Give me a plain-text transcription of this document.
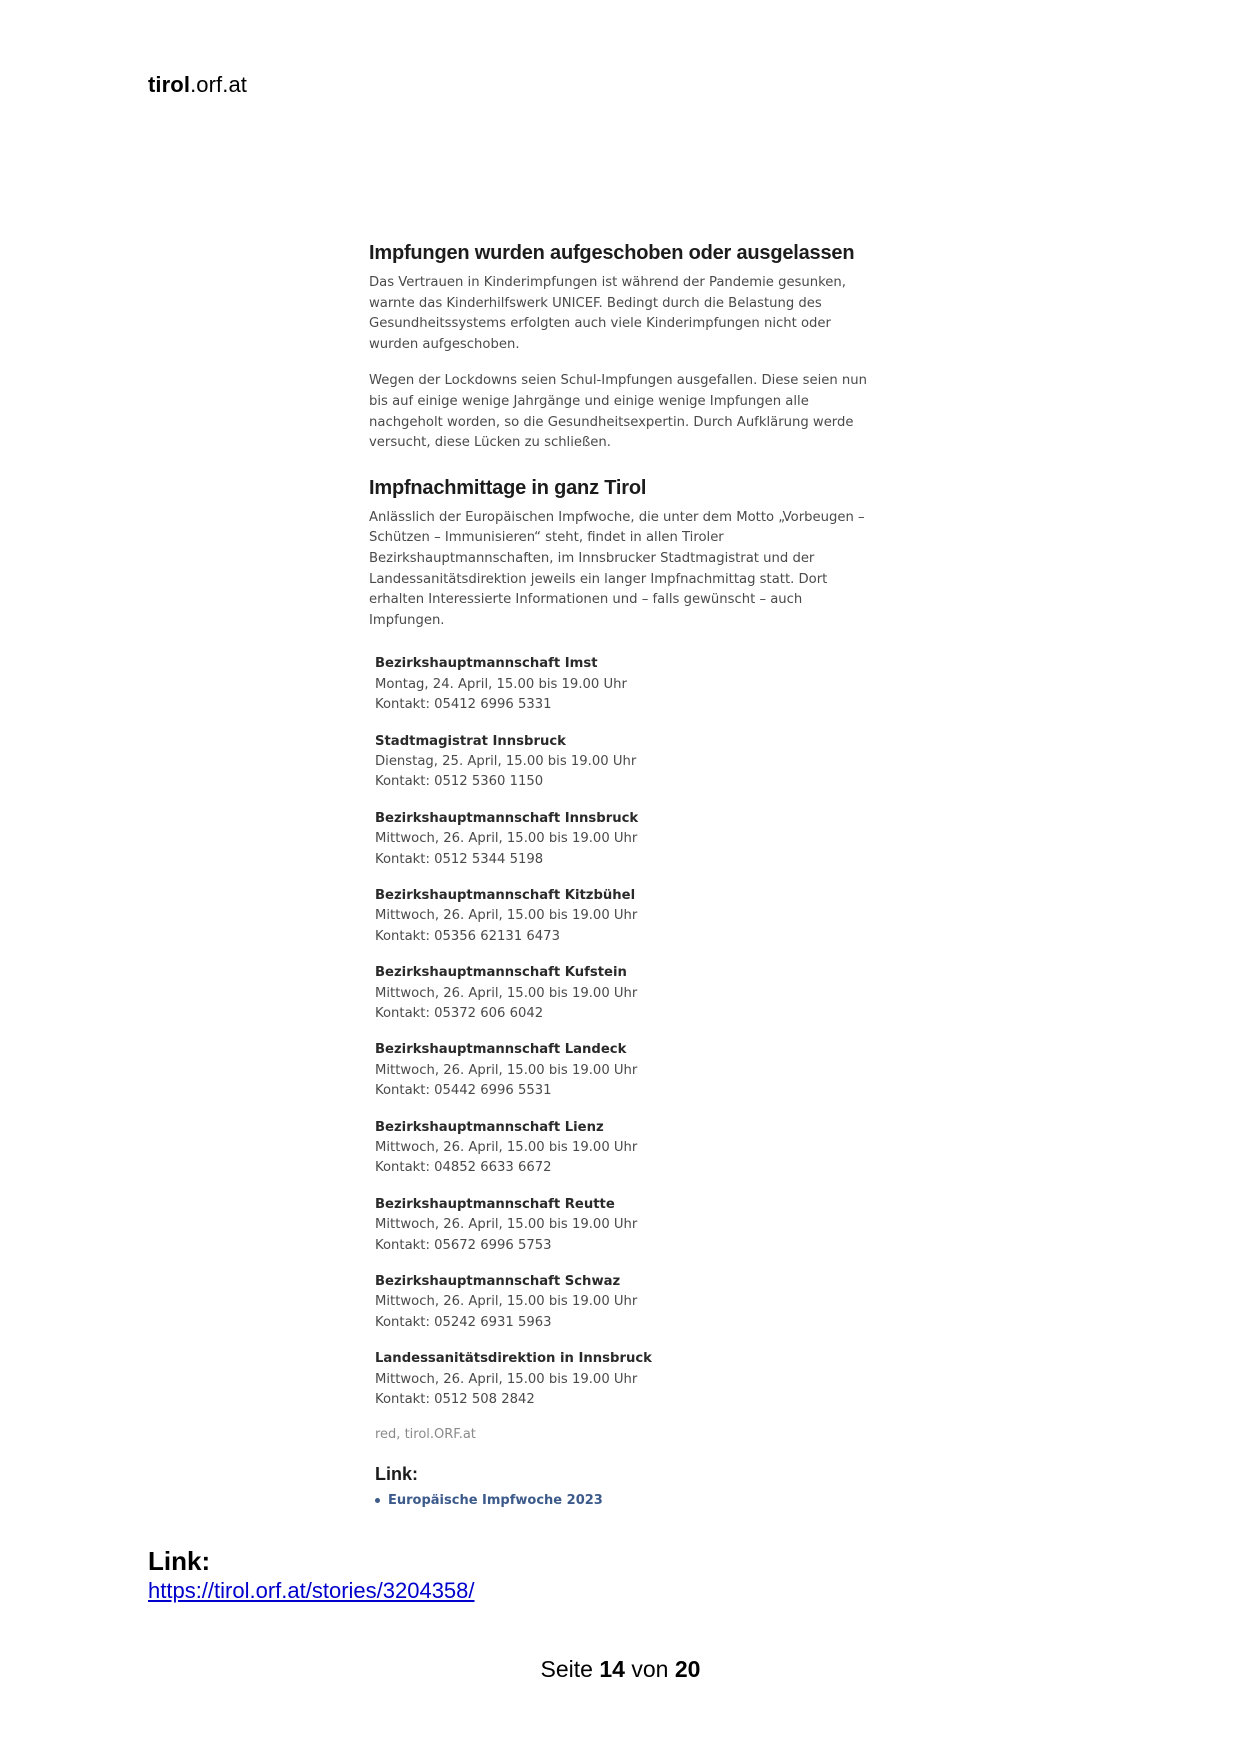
tirol.orf.at
Impfungen wurden aufgeschoben oder ausgelassen

Das Vertrauen in Kinderimpfungen ist während der Pandemie gesunken, warnte das Kinderhilfswerk UNICEF. Bedingt durch die Belastung des Gesundheitssystems erfolgten auch viele Kinderimpfungen nicht oder wurden aufgeschoben.

Wegen der Lockdowns seien Schul-Impfungen ausgefallen. Diese seien nun bis auf einige wenige Jahrgänge und einige wenige Impfungen alle nachgeholt worden, so die Gesundheitsexpertin. Durch Aufklärung werde versucht, diese Lücken zu schließen.

Impfnachmittage in ganz Tirol

Anlässlich der Europäischen Impfwoche, die unter dem Motto „Vorbeugen – Schützen – Immunisieren“ steht, findet in allen Tiroler Bezirkshauptmannschaften, im Innsbrucker Stadtmagistrat und der Landessanitätsdirektion jeweils ein langer Impfnachmittag statt. Dort erhalten Interessierte Informationen und – falls gewünscht – auch Impfungen.

Bezirkshauptmannschaft Imst
Montag, 24. April, 15.00 bis 19.00 Uhr
Kontakt: 05412 6996 5331
Stadtmagistrat Innsbruck
Dienstag, 25. April, 15.00 bis 19.00 Uhr
Kontakt: 0512 5360 1150
Bezirkshauptmannschaft Innsbruck
Mittwoch, 26. April, 15.00 bis 19.00 Uhr
Kontakt: 0512 5344 5198
Bezirkshauptmannschaft Kitzbühel
Mittwoch, 26. April, 15.00 bis 19.00 Uhr
Kontakt: 05356 62131 6473
Bezirkshauptmannschaft Kufstein
Mittwoch, 26. April, 15.00 bis 19.00 Uhr
Kontakt: 05372 606 6042
Bezirkshauptmannschaft Landeck
Mittwoch, 26. April, 15.00 bis 19.00 Uhr
Kontakt: 05442 6996 5531
Bezirkshauptmannschaft Lienz
Mittwoch, 26. April, 15.00 bis 19.00 Uhr
Kontakt: 04852 6633 6672
Bezirkshauptmannschaft Reutte
Mittwoch, 26. April, 15.00 bis 19.00 Uhr
Kontakt: 05672 6996 5753
Bezirkshauptmannschaft Schwaz
Mittwoch, 26. April, 15.00 bis 19.00 Uhr
Kontakt: 05242 6931 5963
Landessanitätsdirektion in Innsbruck
Mittwoch, 26. April, 15.00 bis 19.00 Uhr
Kontakt: 0512 508 2842
red, tirol.ORF.at
Link:
Europäische Impfwoche 2023
Link:
https://tirol.orf.at/stories/3204358/
Seite 14 von 20
